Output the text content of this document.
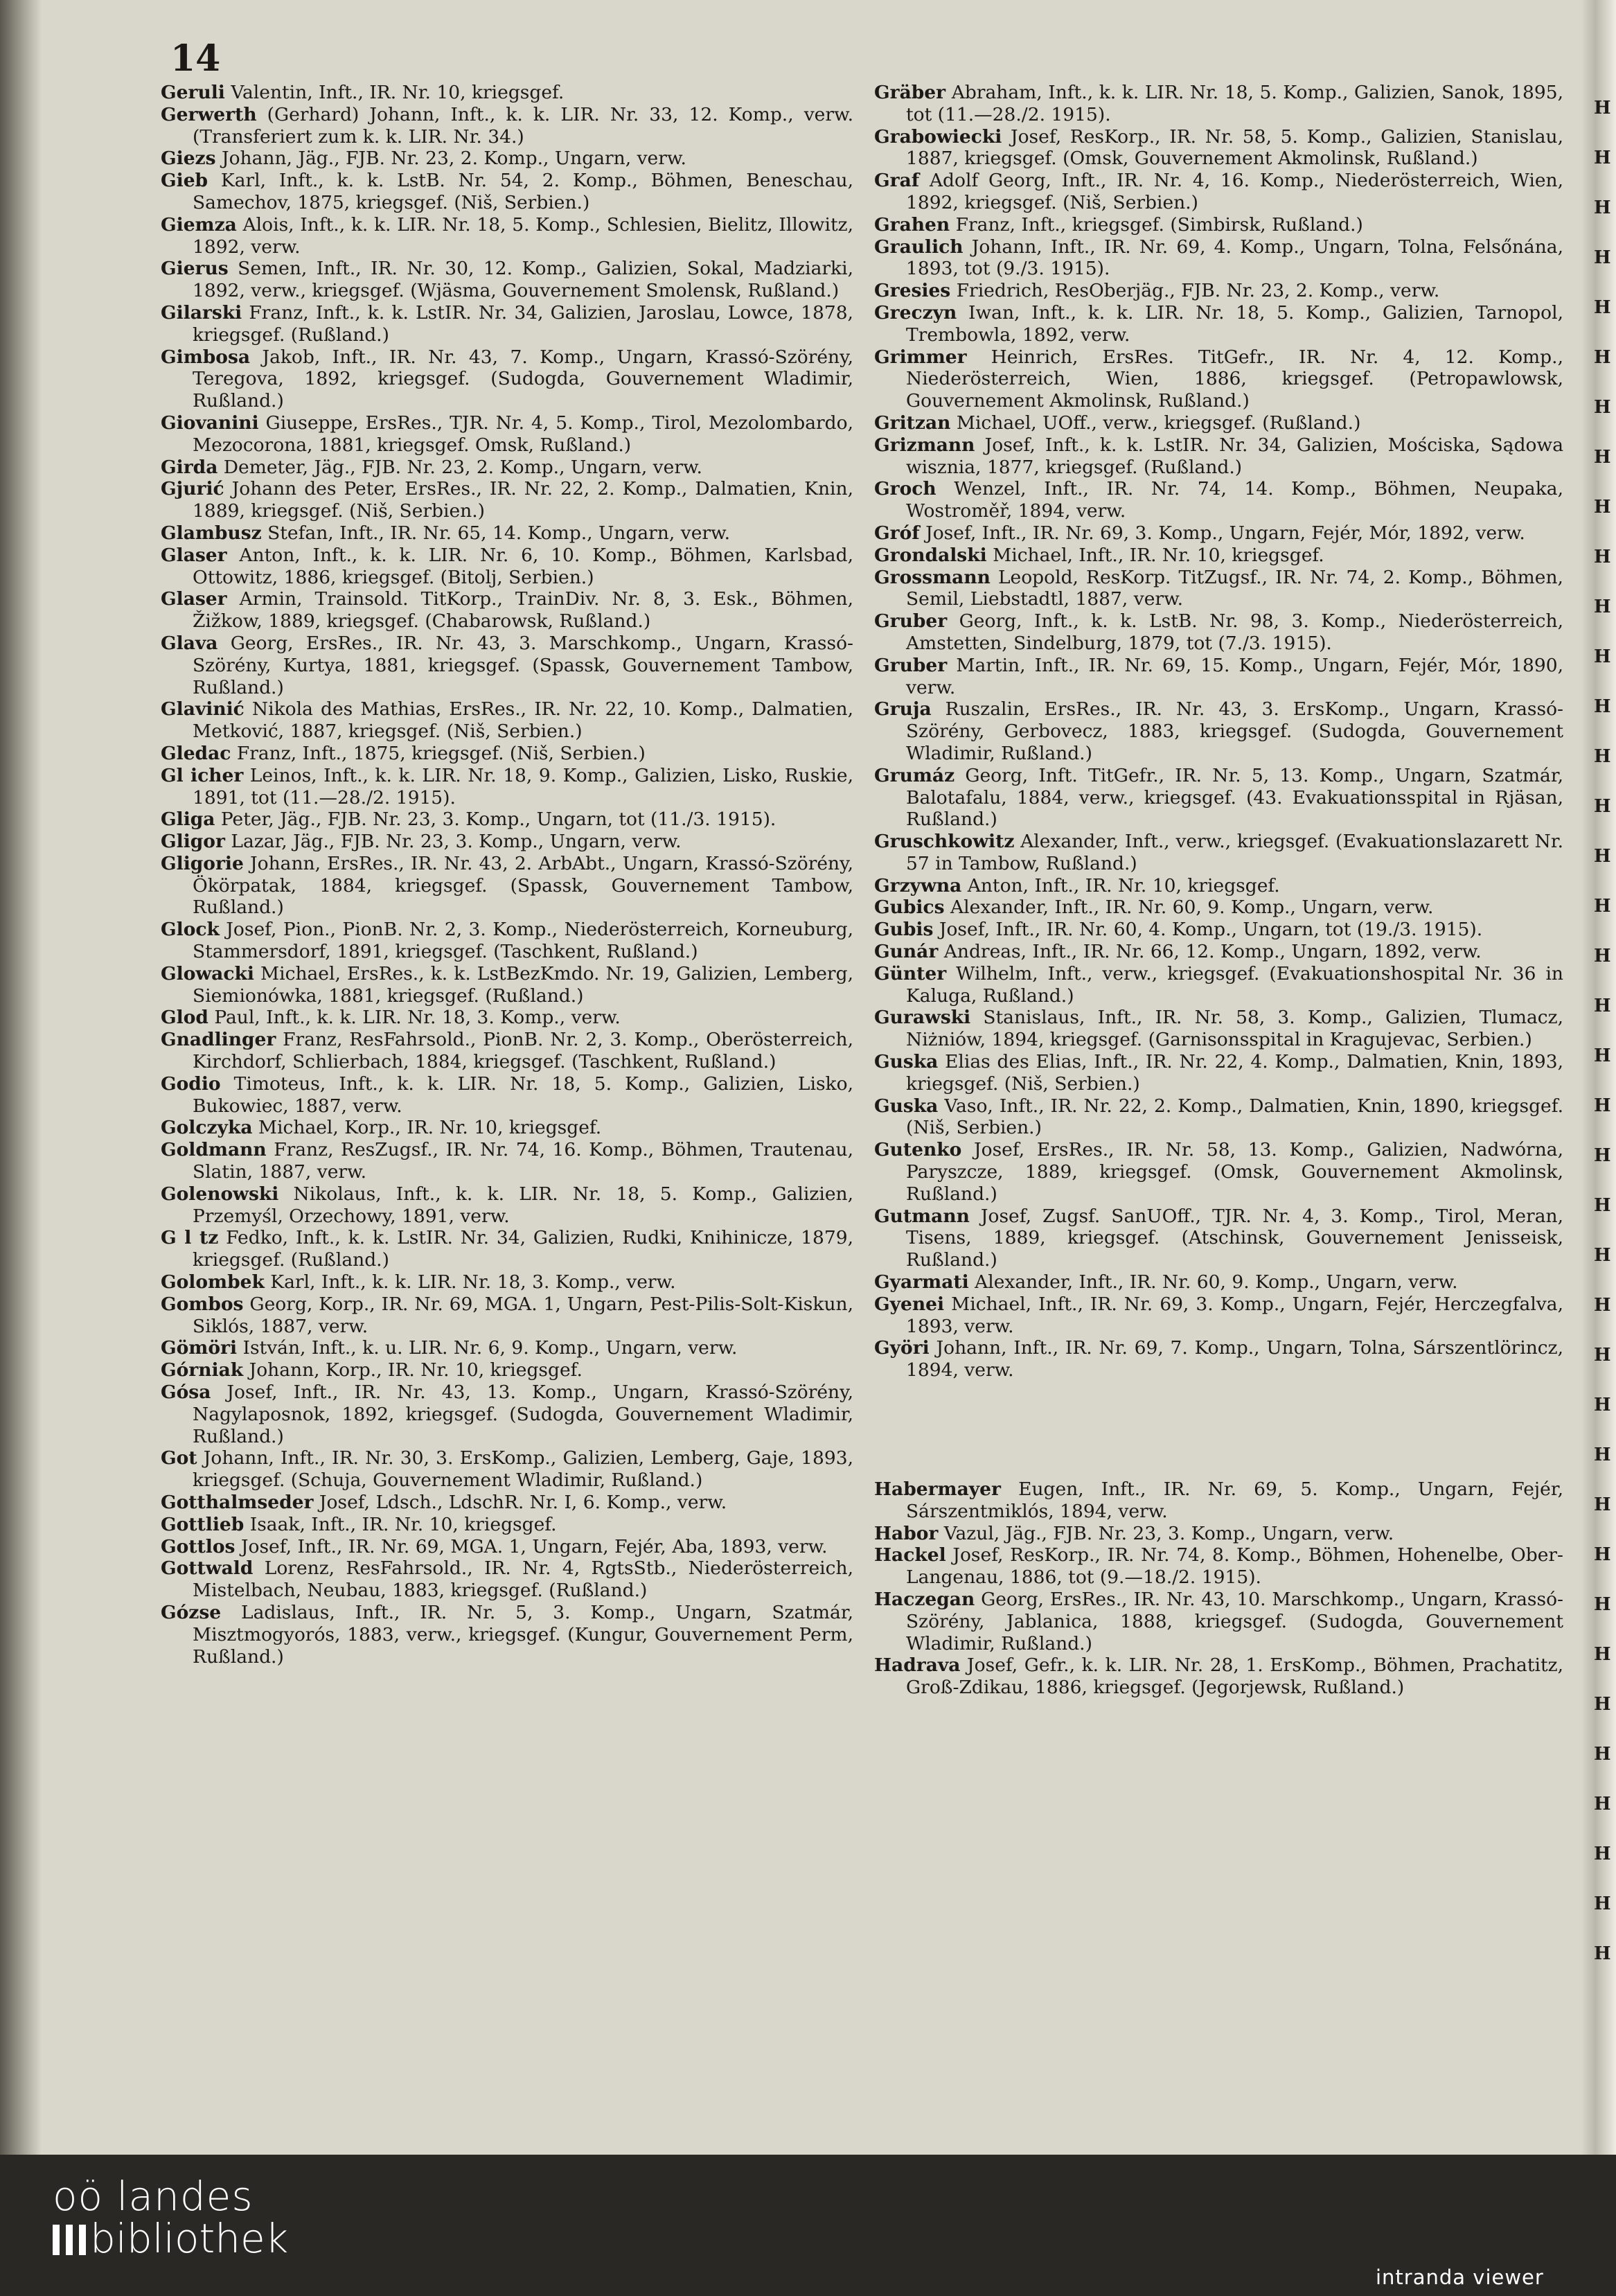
H
H
H
H
H
H
H
H
H
H
H
H
H
H
H
H
H
H
H
H
H
H
H
H
H
H
H
H
H
H
H
H
H
H
H
H
H
H
14

Geruli Valentin, Inft., IR. Nr. 10, kriegsgef.

Gerwerth (Gerhard) Johann, Inft., k. k. LIR. Nr. 33, 12. Komp., verw. (Transferiert zum k. k. LIR. Nr. 34.)

Giezs Johann, Jäg., FJB. Nr. 23, 2. Komp., Ungarn, verw.

Gieb Karl, Inft., k. k. LstB. Nr. 54, 2. Komp., Böhmen, Beneschau, Samechov, 1875, kriegsgef. (Niš, Serbien.)

Giemza Alois, Inft., k. k. LIR. Nr. 18, 5. Komp., Schlesien, Bielitz, Illowitz, 1892, verw.

Gierus Semen, Inft., IR. Nr. 30, 12. Komp., Galizien, Sokal, Madziarki, 1892, verw., kriegsgef. (Wjäsma, Gouvernement Smolensk, Rußland.)

Gilarski Franz, Inft., k. k. LstIR. Nr. 34, Galizien, Jaroslau, Lowce, 1878, kriegsgef. (Rußland.)

Gimbosa Jakob, Inft., IR. Nr. 43, 7. Komp., Ungarn, Krassó-Szörény, Teregova, 1892, kriegsgef. (Sudogda, Gouvernement Wladimir, Rußland.)

Giovanini Giuseppe, ErsRes., TJR. Nr. 4, 5. Komp., Tirol, Mezolombardo, Mezocorona, 1881, kriegsgef. Omsk, Rußland.)

Girda Demeter, Jäg., FJB. Nr. 23, 2. Komp., Ungarn, verw.

Gjurić Johann des Peter, ErsRes., IR. Nr. 22, 2. Komp., Dalmatien, Knin, 1889, kriegsgef. (Niš, Serbien.)

Glambusz Stefan, Inft., IR. Nr. 65, 14. Komp., Ungarn, verw.

Glaser Anton, Inft., k. k. LIR. Nr. 6, 10. Komp., Böhmen, Karlsbad, Ottowitz, 1886, kriegsgef. (Bitolj, Serbien.)

Glaser Armin, Trainsold. TitKorp., TrainDiv. Nr. 8, 3. Esk., Böhmen, Žižkow, 1889, kriegsgef. (Chabarowsk, Rußland.)

Glava Georg, ErsRes., IR. Nr. 43, 3. Marschkomp., Ungarn, Krassó-Szörény, Kurtya, 1881, kriegsgef. (Spassk, Gouvernement Tambow, Rußland.)

Glavinić Nikola des Mathias, ErsRes., IR. Nr. 22, 10. Komp., Dalmatien, Metković, 1887, kriegsgef. (Niš, Serbien.)

Gledac Franz, Inft., 1875, kriegsgef. (Niš, Serbien.)

Gl icher Leinos, Inft., k. k. LIR. Nr. 18, 9. Komp., Galizien, Lisko, Ruskie, 1891, tot (11.—28./2. 1915).

Gliga Peter, Jäg., FJB. Nr. 23, 3. Komp., Ungarn, tot (11./3. 1915).

Gligor Lazar, Jäg., FJB. Nr. 23, 3. Komp., Ungarn, verw.

Gligorie Johann, ErsRes., IR. Nr. 43, 2. ArbAbt., Ungarn, Krassó-Szörény, Ökörpatak, 1884, kriegsgef. (Spassk, Gouvernement Tambow, Rußland.)

Glock Josef, Pion., PionB. Nr. 2, 3. Komp., Niederösterreich, Korneuburg, Stammersdorf, 1891, kriegsgef. (Taschkent, Rußland.)

Glowacki Michael, ErsRes., k. k. LstBezKmdo. Nr. 19, Galizien, Lemberg, Siemionówka, 1881, kriegsgef. (Rußland.)

Glod Paul, Inft., k. k. LIR. Nr. 18, 3. Komp., verw.

Gnadlinger Franz, ResFahrsold., PionB. Nr. 2, 3. Komp., Oberösterreich, Kirchdorf, Schlierbach, 1884, kriegsgef. (Taschkent, Rußland.)

Godio Timoteus, Inft., k. k. LIR. Nr. 18, 5. Komp., Galizien, Lisko, Bukowiec, 1887, verw.

Golczyka Michael, Korp., IR. Nr. 10, kriegsgef.

Goldmann Franz, ResZugsf., IR. Nr. 74, 16. Komp., Böhmen, Trautenau, Slatin, 1887, verw.

Golenowski Nikolaus, Inft., k. k. LIR. Nr. 18, 5. Komp., Galizien, Przemyśl, Orzechowy, 1891, verw.

G l tz Fedko, Inft., k. k. LstIR. Nr. 34, Galizien, Rudki, Knihinicze, 1879, kriegsgef. (Rußland.)

Golombek Karl, Inft., k. k. LIR. Nr. 18, 3. Komp., verw.

Gombos Georg, Korp., IR. Nr. 69, MGA. 1, Ungarn, Pest-Pilis-Solt-Kiskun, Siklós, 1887, verw.

Gömöri István, Inft., k. u. LIR. Nr. 6, 9. Komp., Ungarn, verw.

Górniak Johann, Korp., IR. Nr. 10, kriegsgef.

Gósa Josef, Inft., IR. Nr. 43, 13. Komp., Ungarn, Krassó-Szörény, Nagylaposnok, 1892, kriegsgef. (Sudogda, Gouvernement Wladimir, Rußland.)

Got Johann, Inft., IR. Nr. 30, 3. ErsKomp., Galizien, Lemberg, Gaje, 1893, kriegsgef. (Schuja, Gouvernement Wladimir, Rußland.)

Gotthalmseder Josef, Ldsch., LdschR. Nr. I, 6. Komp., verw.

Gottlieb Isaak, Inft., IR. Nr. 10, kriegsgef.

Gottlos Josef, Inft., IR. Nr. 69, MGA. 1, Ungarn, Fejér, Aba, 1893, verw.

Gottwald Lorenz, ResFahrsold., IR. Nr. 4, RgtsStb., Niederösterreich, Mistelbach, Neubau, 1883, kriegsgef. (Rußland.)

Gózse Ladislaus, Inft., IR. Nr. 5, 3. Komp., Ungarn, Szatmár, Misztmogyorós, 1883, verw., kriegsgef. (Kungur, Gouvernement Perm, Rußland.)

Gräber Abraham, Inft., k. k. LIR. Nr. 18, 5. Komp., Galizien, Sanok, 1895, tot (11.—28./2. 1915).

Grabowiecki Josef, ResKorp., IR. Nr. 58, 5. Komp., Galizien, Stanislau, 1887, kriegsgef. (Omsk, Gouvernement Akmolinsk, Rußland.)

Graf Adolf Georg, Inft., IR. Nr. 4, 16. Komp., Niederösterreich, Wien, 1892, kriegsgef. (Niš, Serbien.)

Grahen Franz, Inft., kriegsgef. (Simbirsk, Rußland.)

Graulich Johann, Inft., IR. Nr. 69, 4. Komp., Ungarn, Tolna, Felsőnána, 1893, tot (9./3. 1915).

Gresies Friedrich, ResOberjäg., FJB. Nr. 23, 2. Komp., verw.

Greczyn Iwan, Inft., k. k. LIR. Nr. 18, 5. Komp., Galizien, Tarnopol, Trembowla, 1892, verw.

Grimmer Heinrich, ErsRes. TitGefr., IR. Nr. 4, 12. Komp., Niederösterreich, Wien, 1886, kriegsgef. (Petropawlowsk, Gouvernement Akmolinsk, Rußland.)

Gritzan Michael, UOff., verw., kriegsgef. (Rußland.)

Grizmann Josef, Inft., k. k. LstIR. Nr. 34, Galizien, Mościska, Sądowa wisznia, 1877, kriegsgef. (Rußland.)

Groch Wenzel, Inft., IR. Nr. 74, 14. Komp., Böhmen, Neupaka, Wostroměř, 1894, verw.

Gróf Josef, Inft., IR. Nr. 69, 3. Komp., Ungarn, Fejér, Mór, 1892, verw.

Grondalski Michael, Inft., IR. Nr. 10, kriegsgef.

Grossmann Leopold, ResKorp. TitZugsf., IR. Nr. 74, 2. Komp., Böhmen, Semil, Liebstadtl, 1887, verw.

Gruber Georg, Inft., k. k. LstB. Nr. 98, 3. Komp., Niederösterreich, Amstetten, Sindelburg, 1879, tot (7./3. 1915).

Gruber Martin, Inft., IR. Nr. 69, 15. Komp., Ungarn, Fejér, Mór, 1890, verw.

Gruja Ruszalin, ErsRes., IR. Nr. 43, 3. ErsKomp., Ungarn, Krassó-Szörény, Gerbovecz, 1883, kriegsgef. (Sudogda, Gouvernement Wladimir, Rußland.)

Grumáz Georg, Inft. TitGefr., IR. Nr. 5, 13. Komp., Ungarn, Szatmár, Balotafalu, 1884, verw., kriegsgef. (43. Evakuationsspital in Rjäsan, Rußland.)

Gruschkowitz Alexander, Inft., verw., kriegsgef. (Evakuationslazarett Nr. 57 in Tambow, Rußland.)

Grzywna Anton, Inft., IR. Nr. 10, kriegsgef.

Gubics Alexander, Inft., IR. Nr. 60, 9. Komp., Ungarn, verw.

Gubis Josef, Inft., IR. Nr. 60, 4. Komp., Ungarn, tot (19./3. 1915).

Gunár Andreas, Inft., IR. Nr. 66, 12. Komp., Ungarn, 1892, verw.

Günter Wilhelm, Inft., verw., kriegsgef. (Evakuationshospital Nr. 36 in Kaluga, Rußland.)

Gurawski Stanislaus, Inft., IR. Nr. 58, 3. Komp., Galizien, Tlumacz, Niżniów, 1894, kriegsgef. (Garnisonsspital in Kragujevac, Serbien.)

Guska Elias des Elias, Inft., IR. Nr. 22, 4. Komp., Dalmatien, Knin, 1893, kriegsgef. (Niš, Serbien.)

Guska Vaso, Inft., IR. Nr. 22, 2. Komp., Dalmatien, Knin, 1890, kriegsgef. (Niš, Serbien.)

Gutenko Josef, ErsRes., IR. Nr. 58, 13. Komp., Galizien, Nadwórna, Paryszcze, 1889, kriegsgef. (Omsk, Gouvernement Akmolinsk, Rußland.)

Gutmann Josef, Zugsf. SanUOff., TJR. Nr. 4, 3. Komp., Tirol, Meran, Tisens, 1889, kriegsgef. (Atschinsk, Gouvernement Jenisseisk, Rußland.)

Gyarmati Alexander, Inft., IR. Nr. 60, 9. Komp., Ungarn, verw.

Gyenei Michael, Inft., IR. Nr. 69, 3. Komp., Ungarn, Fejér, Herczegfalva, 1893, verw.

Györi Johann, Inft., IR. Nr. 69, 7. Komp., Ungarn, Tolna, Sárszentlörincz, 1894, verw.

Habermayer Eugen, Inft., IR. Nr. 69, 5. Komp., Ungarn, Fejér, Sárszentmiklós, 1894, verw.

Habor Vazul, Jäg., FJB. Nr. 23, 3. Komp., Ungarn, verw.

Hackel Josef, ResKorp., IR. Nr. 74, 8. Komp., Böhmen, Hohenelbe, Ober-Langenau, 1886, tot (9.—18./2. 1915).

Haczegan Georg, ErsRes., IR. Nr. 43, 10. Marschkomp., Ungarn, Krassó-Szörény, Jablanica, 1888, kriegsgef. (Sudogda, Gouvernement Wladimir, Rußland.)

Hadrava Josef, Gefr., k. k. LIR. Nr. 28, 1. ErsKomp., Böhmen, Prachatitz, Groß-Zdikau, 1886, kriegsgef. (Jegorjewsk, Rußland.)

oö landes
bibliothek
intranda viewer
